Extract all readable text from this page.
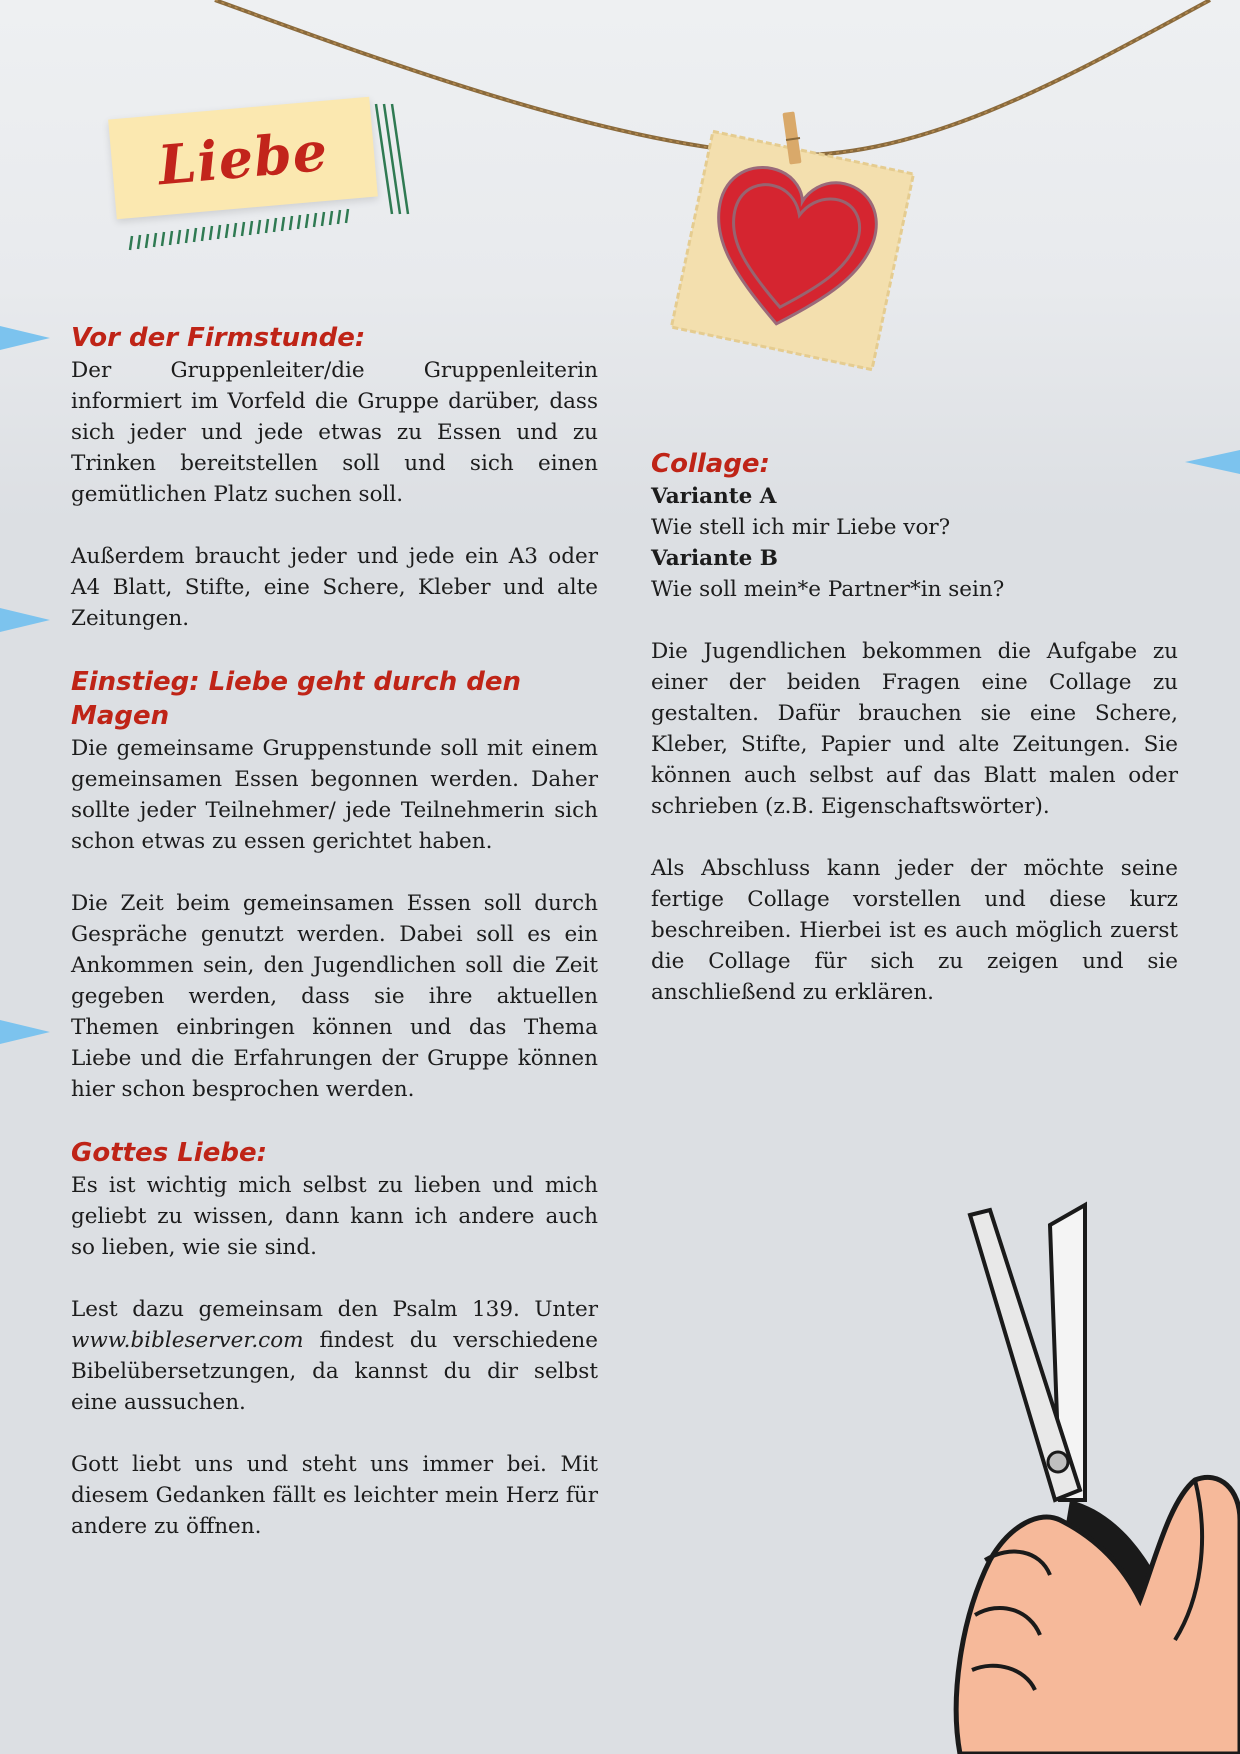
Liebe
Vor der Firmstunde:

Der Gruppenleiter/die Gruppenleiterin informiert im Vorfeld die Gruppe darüber, dass sich jeder und jede etwas zu Essen und zu Trinken bereitstellen soll und sich einen gemütlichen Platz suchen soll.

Außerdem braucht jeder und jede ein A3 oder A4 Blatt, Stifte, eine Schere, Kleber und alte Zeitungen.

Einstieg: Liebe geht durch den Magen

Die gemeinsame Gruppenstunde soll mit einem gemeinsamen Essen begonnen werden. Daher sollte jeder Teilnehmer/ jede Teilnehmerin sich schon etwas zu essen gerichtet haben.

Die Zeit beim gemeinsamen Essen soll durch Gespräche genutzt werden. Dabei soll es ein Ankommen sein, den Jugendlichen soll die Zeit gegeben werden, dass sie ihre aktuellen Themen einbringen können und das Thema Liebe und die Erfahrungen der Gruppe können hier schon besprochen werden.

Gottes Liebe:

Es ist wichtig mich selbst zu lieben und mich geliebt zu wissen, dann kann ich andere auch so lieben, wie sie sind.

Lest dazu gemeinsam den Psalm 139. Unter www.bibleserver.com findest du verschiedene Bibelübersetzungen, da kannst du dir selbst eine aussuchen.

Gott liebt uns und steht uns immer bei. Mit diesem Gedanken fällt es leichter mein Herz für andere zu öffnen.

Collage:

Variante A

Wie stell ich mir Liebe vor?

Variante B

Wie soll mein*e Partner*in sein?

Die Jugendlichen bekommen die Aufgabe zu einer der beiden Fragen eine Collage zu gestalten. Dafür brauchen sie eine Schere, Kleber, Stifte, Papier und alte Zeitungen. Sie können auch selbst auf das Blatt malen oder schrieben (z.B. Eigenschaftswörter).

Als Abschluss kann jeder der möchte seine fertige Collage vorstellen und diese kurz beschreiben. Hierbei ist es auch möglich zuerst die Collage für sich zu zeigen und sie anschließend zu erklären.
